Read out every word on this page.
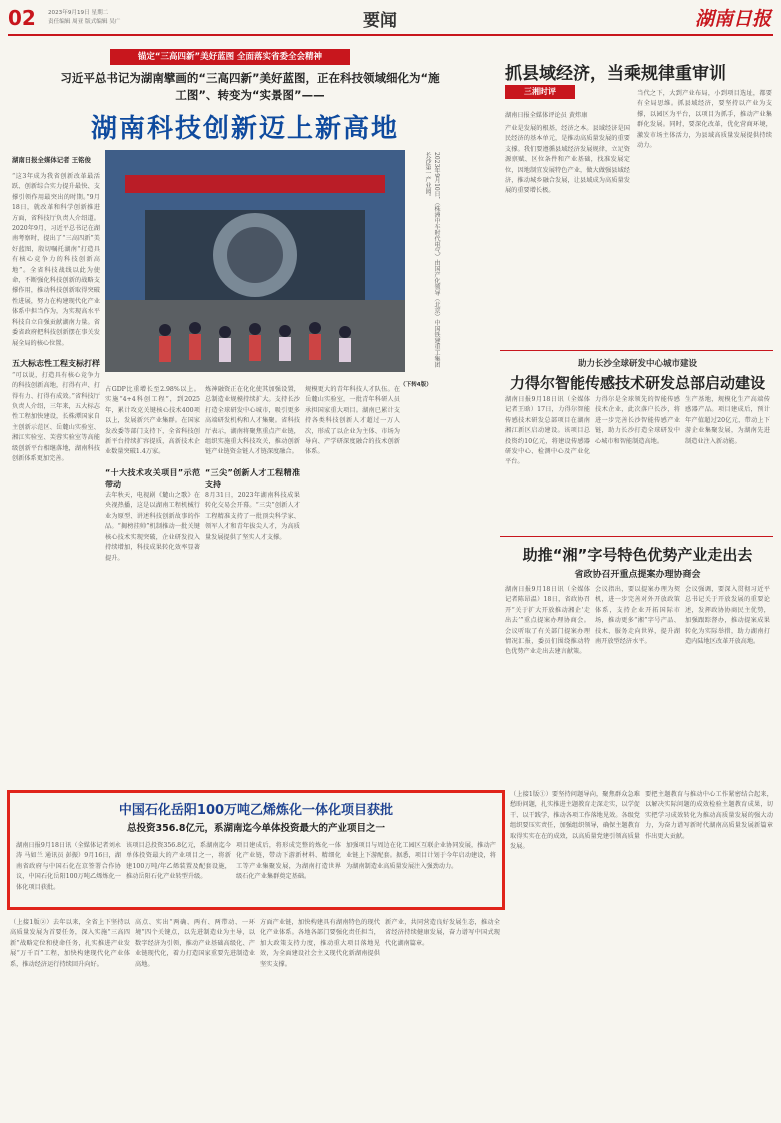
02 2023年9月19日 星期二
责任编辑 周亚 版式编辑 吴广	要闻	湖南日报
锚定“三高四新”美好蓝图 全面落实省委全会精神
习近平总书记为湖南擘画的“三高四新”美好蓝图，正在科技领域细化为“施工图”、转变为“实景图”——
湖南科技创新迈上新高地
湖南日报全媒体记者 王铭俊
“这3年成为我省创新改革最活跃、创新综合实力提升最快、支撑引领作用最突出的时期。”9月18日，就改革和科学创新推进方面，省科技厅负责人介绍道。2020年9月，习近平总书记在湖南考察时，提出了“三高四新”美好蓝图，殷切嘱托湖南“打造具有核心竞争力的科技创新高地”。全省科技战线以此为使命，不断强化科技创新的战略支撑作用，推动科技创新取得突破性进展，努力在构建现代化产业体系中担当作为，为实现高水平科技自立自强贡献湖南力量。省委省政府把科技创新摆在事关发展全局的核心位置。

五大标志性工程支标打样
“可以说，打造具有核心竞争力的科技创新高地，打得有声、打得有力、打得有成效。”省科技厅负责人介绍，三年来，五大标志性工程加快建设，长株潭国家自主创新示范区、岳麓山实验室、湘江实验室、芙蓉实验室等高能级创新平台相继落地，湖南科技创新体系更加完善。
2023年9月10日，（株洲中车时代电气）由国产化领导（北京）中国铁建重工集团长沙第一产业园。
占GDP比重增长至2.98%以上。实施“4+4科创工程”，到2025年，累计攻克关键核心技术400项以上，发展新兴产业集群。在国家发改委等部门支持下，全省科技创新平台持续扩容提质，高新技术企业数量突破1.4万家。

“十大技术攻关项目”示范带动
去年秋天，电视剧《麓山之歌》在央视热播，这是以湖南工程机械行业为原型、讲述科技创新故事的作品。“揭榜挂帅”机制推动一批关键核心技术实现突破，企业研发投入持续增加，科技成果转化效率显著提升。
炼神融资正在化化使其加强设置，总制造业规模持续扩大。支持长沙打造全球研发中心城市，吸引更多高端研发机构和人才集聚。省科技厅表示，湖南将聚焦重点产业链，组织实施重大科技攻关，推动创新链产业链资金链人才链深度融合。

“三尖”创新人才工程精准支持
8月31日，2023年湖南科技成果转化交易会开幕。“三尖”创新人才工程精准支持了一批顶尖科学家、领军人才和青年拔尖人才，为高质量发展提供了坚实人才支撑。
规模更大的青年科技人才队伍。在岳麓山实验室，一批青年科研人员承担国家重大项目。湖南已累计支持各类科技创新人才超过一万人次，形成了以企业为主体、市场为导向、产学研深度融合的技术创新体系。
（下转4版）
抓县域经济，当乘规律重审训
三湘时评
湖南日报全媒体评论员 黄炜康
产业是发展的根基，经济之本。县域经济是国民经济的基本单元，是推动高质量发展的重要支撑。我们要遵循县域经济发展规律，立足资源禀赋、区位条件和产业基础，找准发展定位，因地制宜发展特色产业，做大做强县域经济，推动城乡融合发展，让县域成为高质量发展的重要增长极。
当代之下，大到产业布局，小到项目选址，都要有全局思维。抓县域经济，要坚持以产业为支撑，以园区为平台，以项目为抓手，推动产业集群化发展。同时，要深化改革，优化营商环境，激发市场主体活力，为县域高质量发展提供持续动力。
助力长沙全球研发中心城市建设
力得尔智能传感技术研发总部启动建设
湖南日报9月18日讯（全媒体记者王晗）17日，力得尔智能传感技术研发总部项目在湖南湘江新区启动建设。该项目总投资约10亿元，将建设传感器研发中心、检测中心及产业化平台。
力得尔是全球领先的智能传感技术企业，此次落户长沙，将进一步完善长沙智能传感产业链，助力长沙打造全球研发中心城市和智能制造高地。
生产基地，规模化生产高端传感器产品。项目建成后，预计年产值超过20亿元，带动上下游企业集聚发展，为湖南先进制造业注入新动能。
助推“湘”字号特色优势产业走出去
省政协召开重点提案办理协商会
湖南日报9月18日讯（全媒体记者陈昂温）18日，省政协召开“关于扩大开放推动湘企‘走出去’”重点提案办理协商会。会议听取了有关部门提案办理情况汇报，委员们围绕推动特色优势产业走出去建言献策。
会议指出，要以提案办理为契机，进一步完善对外开放政策体系，支持企业开拓国际市场，推动更多“湘”字号产品、技术、服务走向世界，提升湖南开放型经济水平。
会议强调，要深入贯彻习近平总书记关于开放发展的重要论述，发挥政协协商民主优势，加强跟踪督办，推动提案成果转化为实际举措，助力湖南打造内陆地区改革开放高地。
中国石化岳阳100万吨乙烯炼化一体化项目获批
总投资356.8亿元，系湖南迄今单体投资最大的产业项目之一
湖南日报9月18日讯（全媒体记者刘永涛 马如兰 通讯员 彭振）9月16日，湖南省政府与中国石化在京签署合作协议，中国石化岳阳100万吨乙烯炼化一体化项目获批。
该项目总投资356.8亿元，系湖南迄今单体投资最大的产业项目之一，将新建100万吨/年乙烯装置及配套设施，推动岳阳石化产业转型升级。
项目建成后，将形成完整的炼化一体化产业链，带动下游新材料、精细化工等产业集聚发展，为湖南打造世界级石化产业集群奠定基础。
加强项目与周边在化工园区互联企业协同发展，推动产业链上下游配套。据悉，项目计划于今年启动建设，将为湖南制造业高质量发展注入强劲动力。
（上接1版②）去年以来，全省上下坚持以高质量发展为首要任务，深入实施“三高四新”战略定位和使命任务，扎实推进产业发展“万千百”工程，加快构建现代化产业体系，推动经济运行持续回升向好。
高点、实出“两确、两有、两带动、一环境”四个关键点，以先进制造业为主导，以数字经济为引领，推动产业基础高级化、产业链现代化，着力打造国家重要先进制造业高地。
方面产业链，加快构建具有湖南特色的现代化产业体系。各地各部门要强化责任担当，加大政策支持力度，推动重大项目落地见效，为全面建设社会主义现代化新湖南提供坚实支撑。
新产业，共同营造良好发展生态，推动全省经济持续健康发展，奋力谱写中国式现代化湖南篇章。
（上接1版①）要坚持问题导向，聚焦群众急难愁盼问题，扎实推进主题教育走深走实，以学促干、以干践学，推动各项工作落地见效。各级党组织要压实责任，加强组织领导，确保主题教育取得实实在在的成效，以高质量党建引领高质量发展。
要把主题教育与推动中心工作紧密结合起来，以解决实际问题的成效检验主题教育成果，切实把学习成效转化为推动高质量发展的强大动力，为奋力谱写新时代湖南高质量发展新篇章作出更大贡献。
